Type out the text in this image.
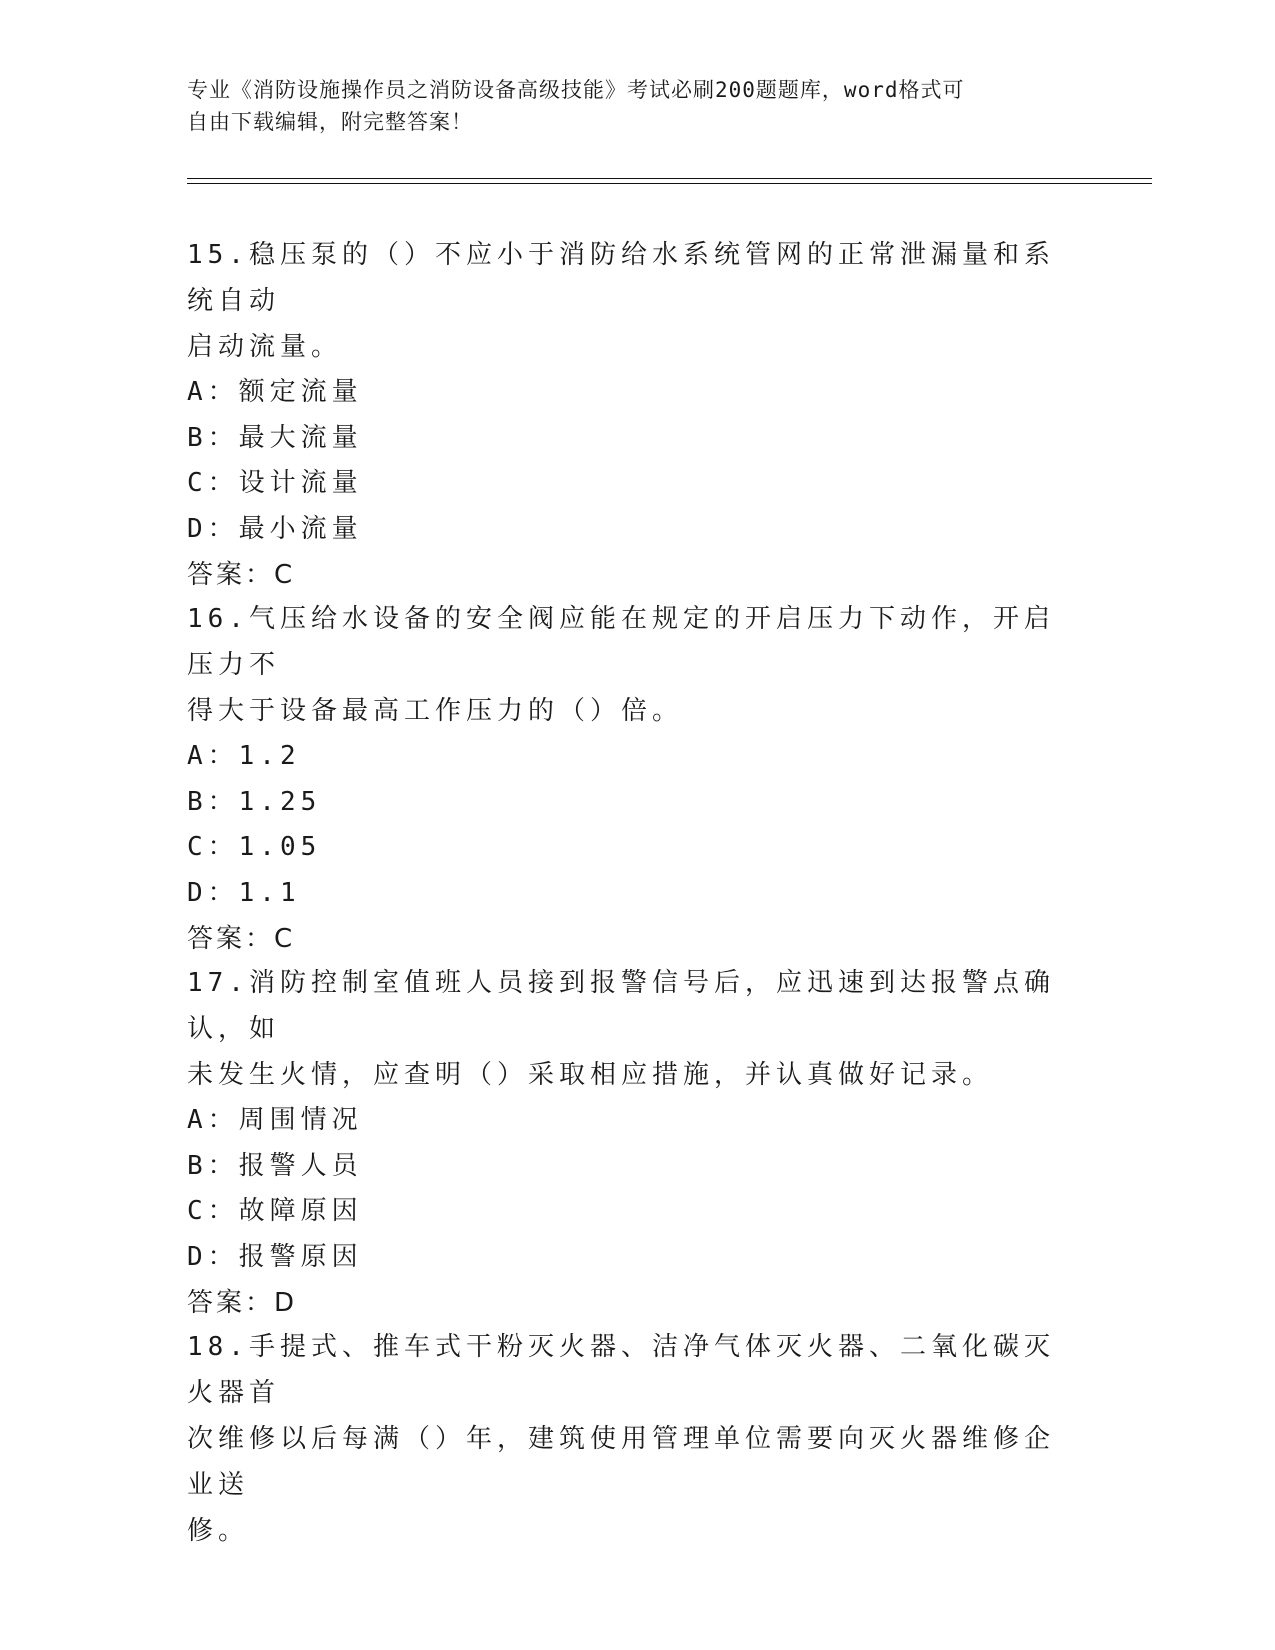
专业《消防设施操作员之消防设备高级技能》考试必刷200题题库，word格式可
自由下载编辑，附完整答案！

15.稳压泵的（）不应小于消防给水系统管网的正常泄漏量和系统自动

启动流量。

A：额定流量

B：最大流量

C：设计流量

D：最小流量

答案：C

16.气压给水设备的安全阀应能在规定的开启压力下动作，开启压力不

得大于设备最高工作压力的（）倍。

A：1.2

B：1.25

C：1.05

D：1.1

答案：C

17.消防控制室值班人员接到报警信号后，应迅速到达报警点确认，如

未发生火情，应查明（）采取相应措施，并认真做好记录。

A：周围情况

B：报警人员

C：故障原因

D：报警原因

答案：D

18.手提式、推车式干粉灭火器、洁净气体灭火器、二氧化碳灭火器首

次维修以后每满（）年，建筑使用管理单位需要向灭火器维修企业送

修。
